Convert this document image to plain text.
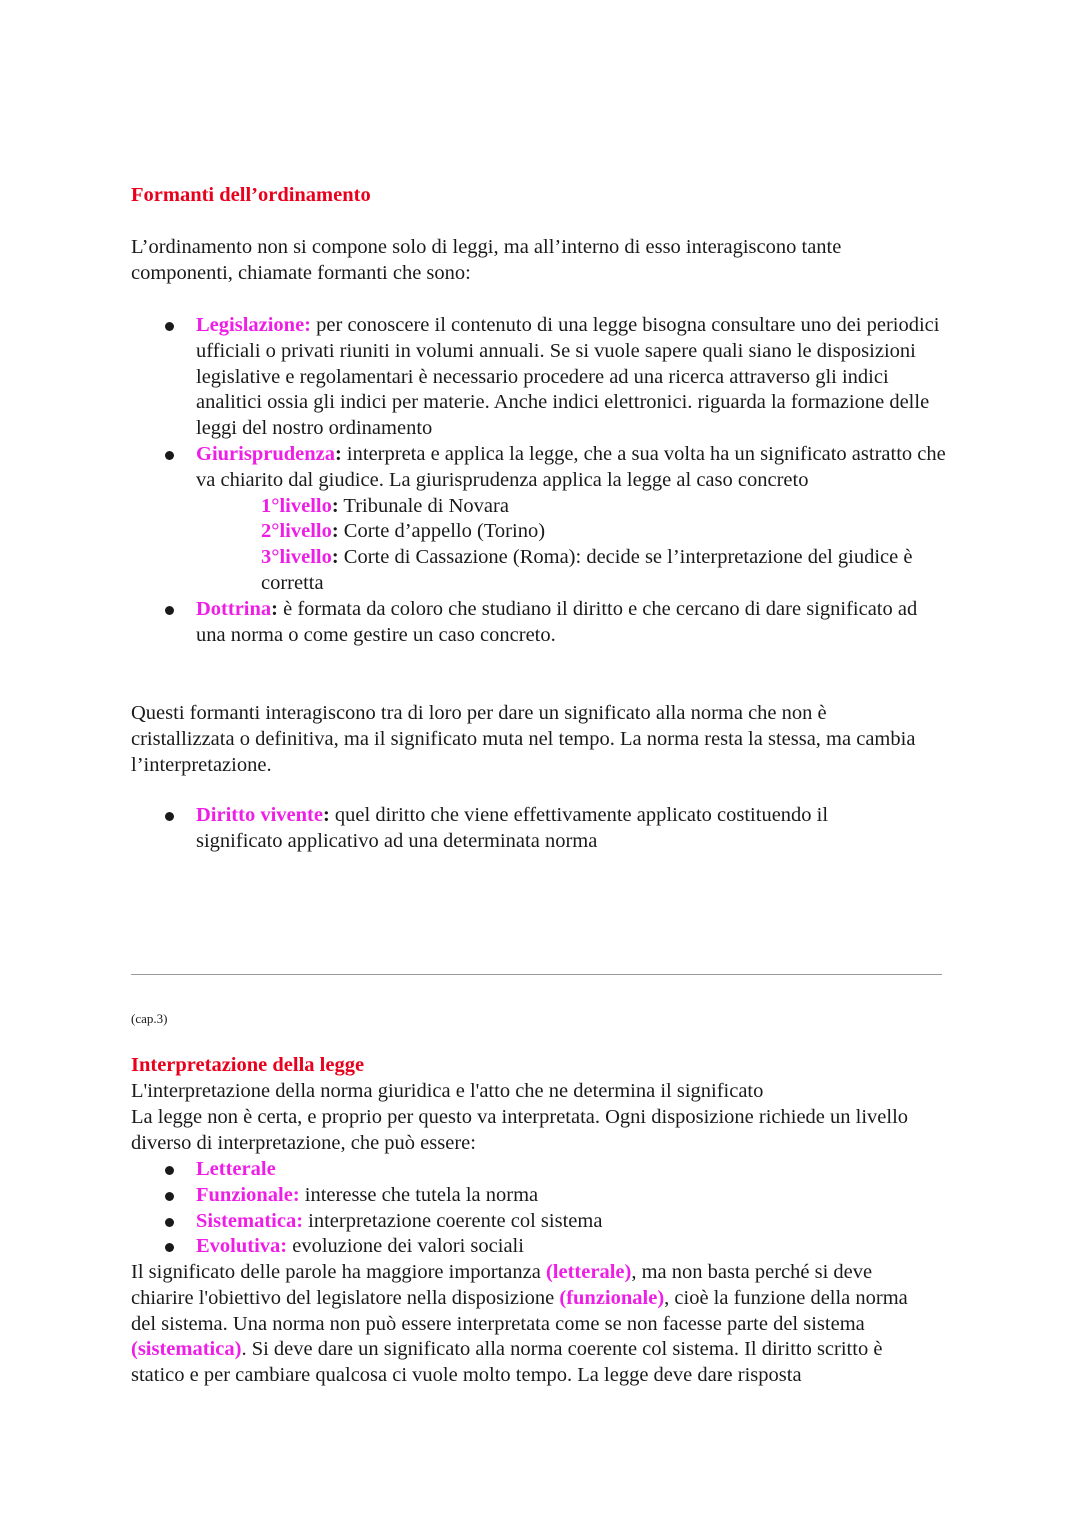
Formanti dell’ordinamento

L’ordinamento non si compone solo di leggi, ma all’interno di esso interagiscono tante componenti, chiamate formanti che sono:

Legislazione: per conoscere il contenuto di una legge bisogna consultare uno dei periodici ufficiali o privati riuniti in volumi annuali. Se si vuole sapere quali siano le disposizioni legislative e regolamentari è necessario procedere ad una ricerca attraverso gli indici analitici ossia gli indici per materie. Anche indici elettronici. riguarda la formazione delle leggi del nostro ordinamento
Giurisprudenza: interpreta e applica la legge, che a sua volta ha un significato astratto che va chiarito dal giudice. La giurisprudenza applica la legge al caso concreto
1°livello: Tribunale di Novara
2°livello: Corte d’appello (Torino)
3°livello: Corte di Cassazione (Roma): decide se l’interpretazione del giudice è corretta
Dottrina: è formata da coloro che studiano il diritto e che cercano di dare significato ad una norma o come gestire un caso concreto.

Questi formanti interagiscono tra di loro per dare un significato alla norma che non è cristallizzata o definitiva, ma il significato muta nel tempo. La norma resta la stessa, ma cambia l’interpretazione.

Diritto vivente: quel diritto che viene effettivamente applicato costituendo il significato applicativo ad una determinata norma
(cap.3)
Interpretazione della legge
L'interpretazione della norma giuridica e l'atto che ne determina il significato
La legge non è certa, e proprio per questo va interpretata. Ogni disposizione richiede un livello diverso di interpretazione, che può essere:
Letterale
Funzionale: interesse che tutela la norma
Sistematica: interpretazione coerente col sistema
Evolutiva: evoluzione dei valori sociali

Il significato delle parole ha maggiore importanza (letterale), ma non basta perché si deve chiarire l'obiettivo del legislatore nella disposizione (funzionale), cioè la funzione della norma del sistema. Una norma non può essere interpretata come se non facesse parte del sistema (sistematica). Si deve dare un significato alla norma coerente col sistema. Il diritto scritto è statico e per cambiare qualcosa ci vuole molto tempo. La legge deve dare risposta
